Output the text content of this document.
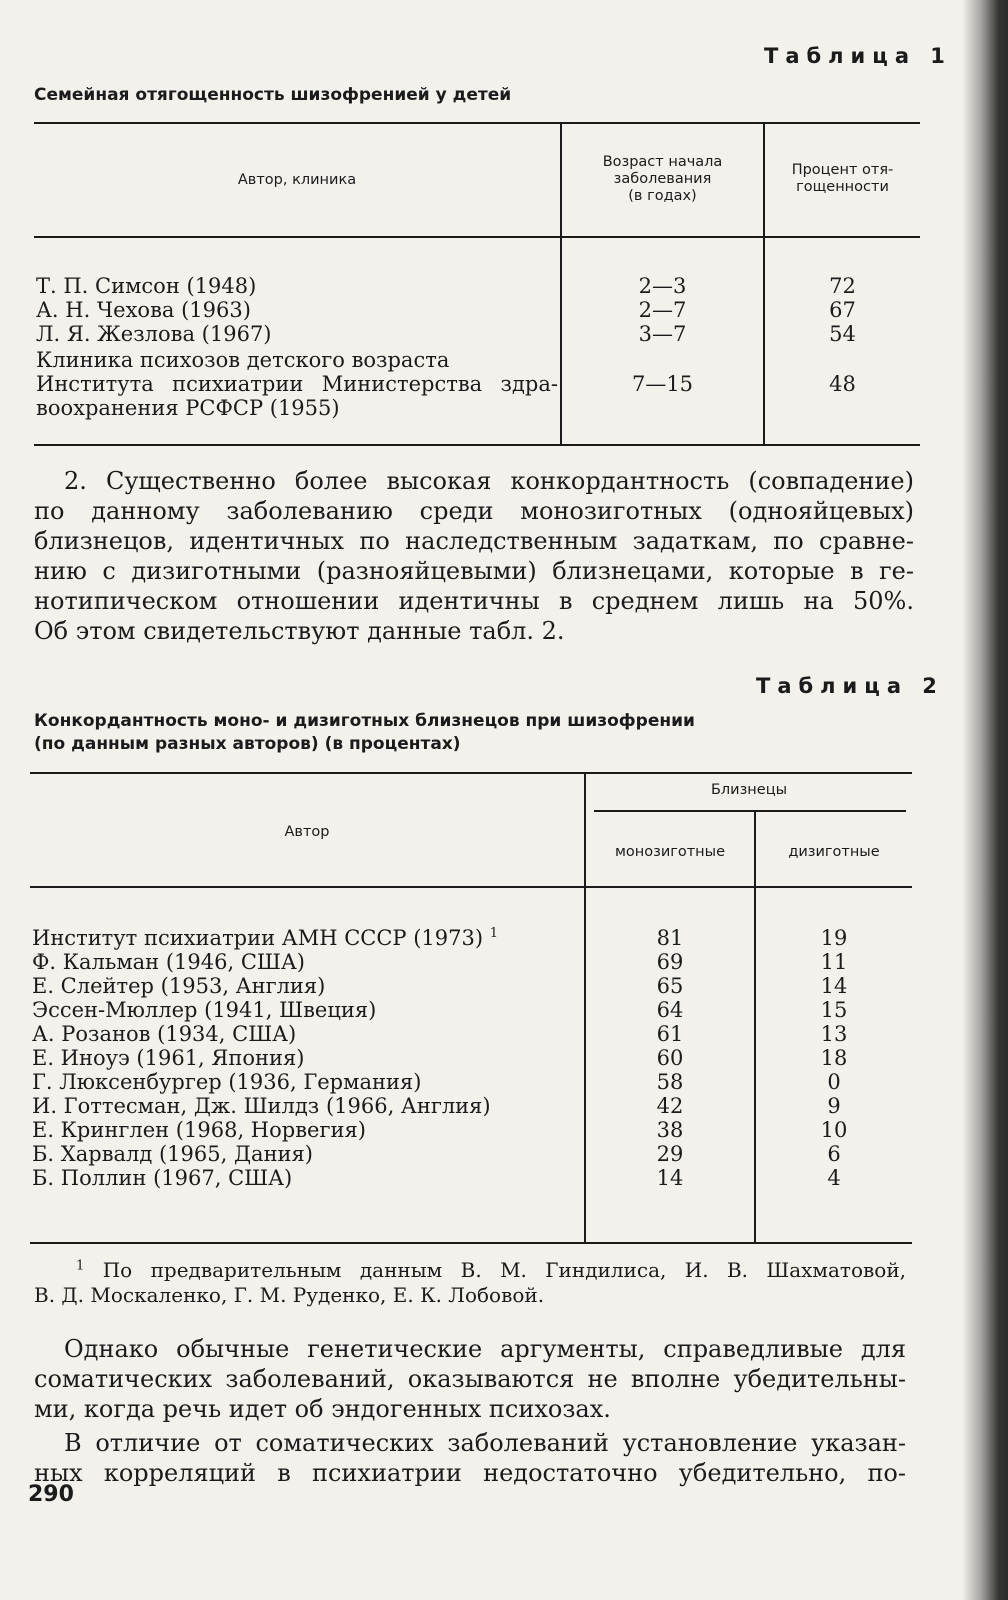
Таблица 1
Семейная отягощенность шизофренией у детей
Автор, клиника
Возраст начала
заболевания
(в годах)
Процент отя-
гощенности
Т. П. Симсон (1948)	2—3	72
А. Н. Чехова (1963)	2—7	67
Л. Я. Жезлова (1967)	3—7	54
Клиника психозов детского возраста
Института психиатрии Министерства здра-
воохранения РСФСР (1955)
7—15	48
2. Существенно более высокая конкордантность (совпадение)
по данному заболеванию среди монозиготных (однояйцевых)
близнецов, идентичных по наследственным задаткам, по сравне-
нию с дизиготными (разнояйцевыми) близнецами, которые в ге-
нотипическом отношении идентичны в среднем лишь на 50%.
Об этом свидетельствуют данные табл. 2.
Таблица 2
Конкордантность моно- и дизиготных близнецов при шизофрении
(по данным разных авторов) (в процентах)
Автор
Близнецы
монозиготные	дизиготные
Институт психиатрии АМН СССР (1973) $^1$	81	19
Ф. Кальман (1946, США)	69	11
Е. Слейтер (1953, Англия)	65	14
Эссен-Мюллер (1941, Швеция)	64	15
А. Розанов (1934, США)	61	13
Е. Иноуэ (1961, Япония)	60	18
Г. Люксенбургер (1936, Германия)	58	0
И. Готтесман, Дж. Шилдз (1966, Англия)	42	9
Е. Кринглен (1968, Норвегия)	38	10
Б. Харвалд (1965, Дания)	29	6
Б. Поллин (1967, США)	14	4
$^1$ По предварительным данным В. М. Гиндилиса, И. В. Шахматовой,
В. Д. Москаленко, Г. М. Руденко, Е. К. Лобовой.
Однако обычные генетические аргументы, справедливые для
соматических заболеваний, оказываются не вполне убедительны-
ми, когда речь идет об эндогенных психозах.
В отличие от соматических заболеваний установление указан-
ных корреляций в психиатрии недостаточно убедительно, по-
290
